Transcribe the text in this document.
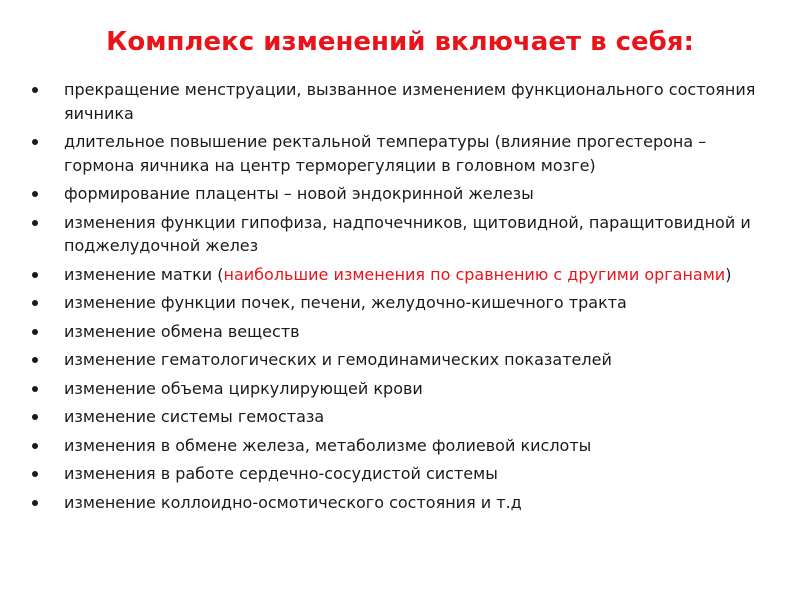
Комплекс изменений включает в себя:
прекращение менструации, вызванное изменением функционального состояния яичника
длительное повышение ректальной температуры (влияние прогестерона – гормона яичника на центр терморегуляции в головном мозге)
формирование плаценты – новой эндокринной железы
изменения функции гипофиза, надпочечников, щитовидной, паращитовидной и поджелудочной желез
изменение матки (наибольшие изменения по сравнению с другими органами)
изменение функции почек, печени, желудочно-кишечного тракта
изменение обмена веществ
изменение гематологических и гемодинамических показателей
изменение объема циркулирующей крови
изменение системы гемостаза
изменения в обмене железа, метаболизме фолиевой кислоты
изменения в работе сердечно-сосудистой системы
изменение коллоидно-осмотического состояния и т.д
